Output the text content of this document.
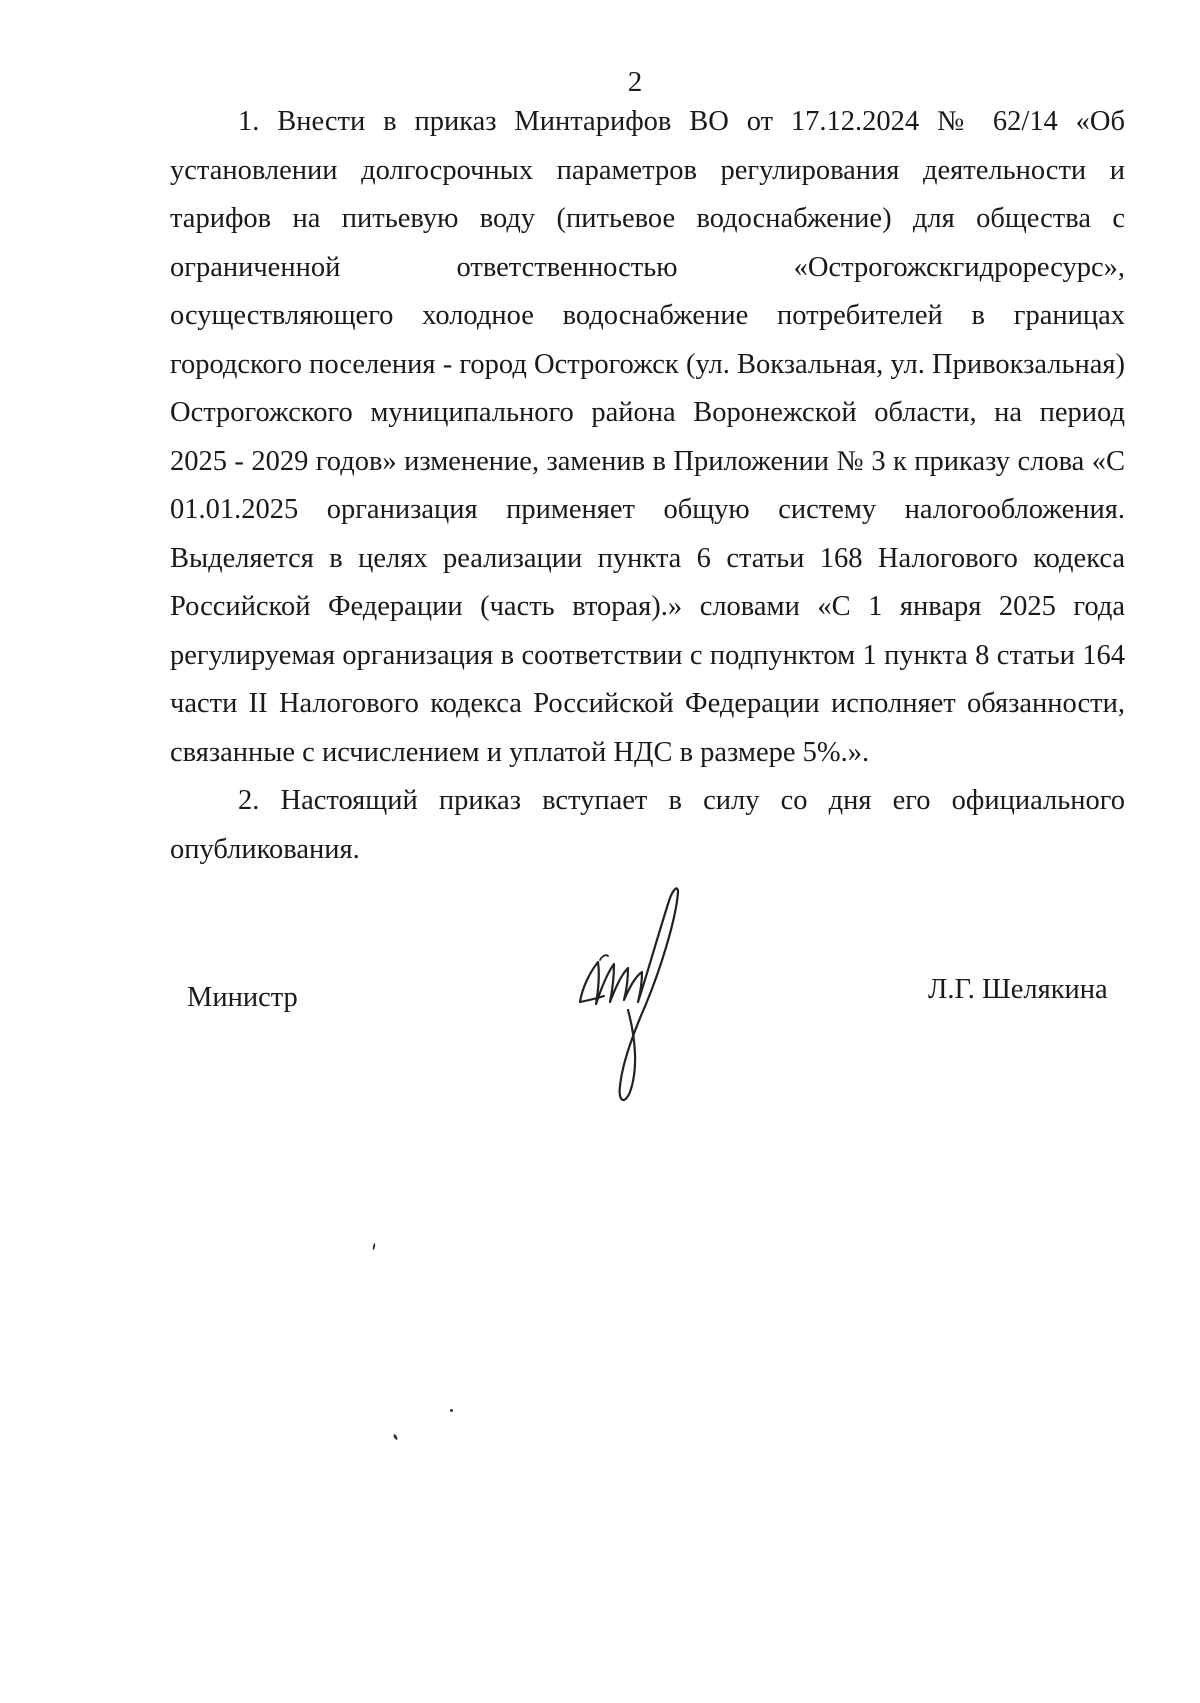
2

1. Внести в приказ Минтарифов ВО от 17.12.2024 № 62/14 «Об установлении долгосрочных параметров регулирования деятельности и тарифов на питьевую воду (питьевое водоснабжение) для общества с ограниченной ответственностью «Острогожскгидроресурс», осуществляющего холодное водоснабжение потребителей в границах городского поселения - город Острогожск (ул. Вокзальная, ул. Привокзальная) Острогожского муниципального района Воронежской области, на период 2025 - 2029 годов» изменение, заменив в Приложении № 3 к приказу слова «С 01.01.2025 организация применяет общую систему налогообложения. Выделяется в целях реализации пункта 6 статьи 168 Налогового кодекса Российской Федерации (часть вторая).» словами «С 1 января 2025 года регулируемая организация в соответствии с подпунктом 1 пункта 8 статьи 164 части II Налогового кодекса Российской Федерации исполняет обязанности, связанные с исчислением и уплатой НДС в размере 5%.».

2. Настоящий приказ вступает в силу со дня его официального опубликования.

Министр	Л.Г. Шелякина
